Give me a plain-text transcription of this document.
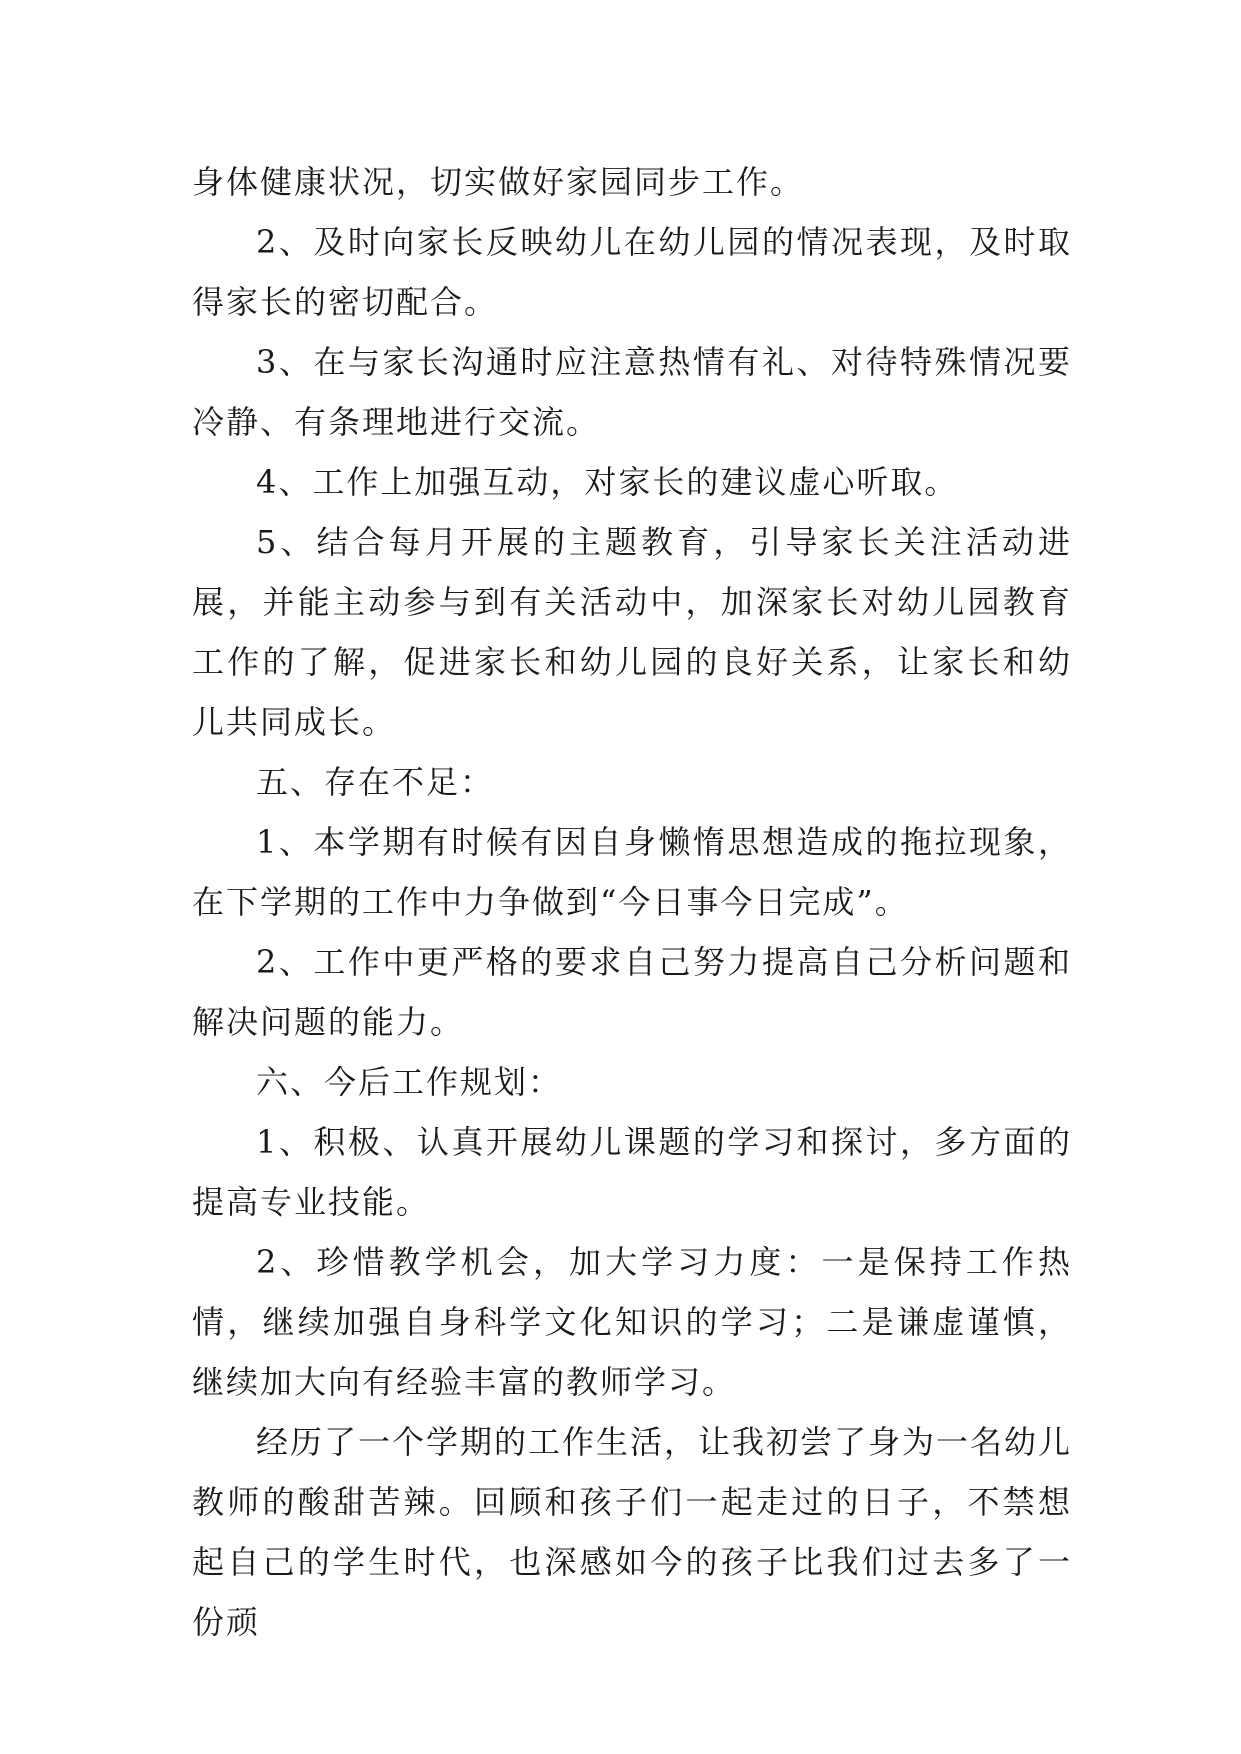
身体健康状况，切实做好家园同步工作。

2、及时向家长反映幼儿在幼儿园的情况表现，及时取得家长的密切配合。

3、在与家长沟通时应注意热情有礼、对待特殊情况要冷静、有条理地进行交流。

4、工作上加强互动，对家长的建议虚心听取。

5、结合每月开展的主题教育，引导家长关注活动进展，并能主动参与到有关活动中，加深家长对幼儿园教育工作的了解，促进家长和幼儿园的良好关系，让家长和幼儿共同成长。

五、存在不足：

1、本学期有时候有因自身懒惰思想造成的拖拉现象，在下学期的工作中力争做到“今日事今日完成”。

2、工作中更严格的要求自己努力提高自己分析问题和解决问题的能力。

六、今后工作规划：

1、积极、认真开展幼儿课题的学习和探讨，多方面的提高专业技能。

2、珍惜教学机会，加大学习力度：一是保持工作热情，继续加强自身科学文化知识的学习；二是谦虚谨慎，继续加大向有经验丰富的教师学习。

经历了一个学期的工作生活，让我初尝了身为一名幼儿教师的酸甜苦辣。回顾和孩子们一起走过的日子，不禁想起自己的学生时代，也深感如今的孩子比我们过去多了一份顽
